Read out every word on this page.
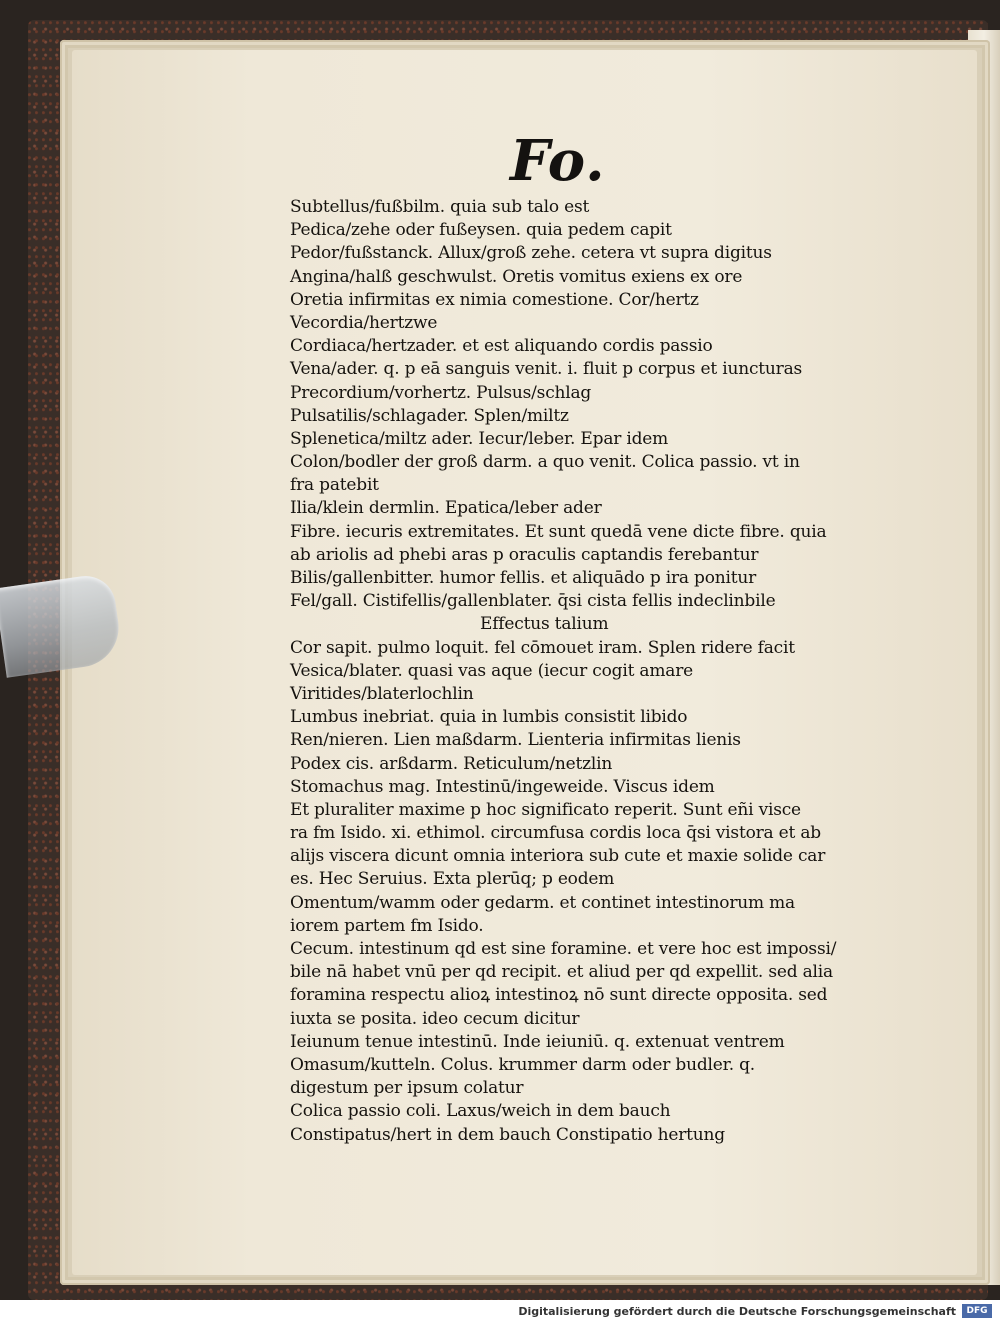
Fo.
Subtellus/fußbilm. quia sub talo est
Pedica/zehe oder fußeysen. quia pedem capit
Pedor/fußstanck. Allux/groß zehe. cetera vt supra digitus
Angina/halß geschwulst. Oretis vomitus exiens ex ore
Oretia infirmitas ex nimia comestione. Cor/hertz
Vecordia/hertzwe
Cordiaca/hertzader. et est aliquando cordis passio
Vena/ader. q. p eā sanguis venit. i. fluit p corpus et iuncturas
Precordium/vorhertz. Pulsus/schlag
Pulsatilis/schlagader. Splen/miltz
Splenetica/miltz ader. Iecur/leber. Epar idem
Colon/bodler der groß darm. a quo venit. Colica passio. vt in
fra patebit
Ilia/klein dermlin. Epatica/leber ader
Fibre. iecuris extremitates. Et sunt quedā vene dicte fibre. quia
ab ariolis ad phebi aras p oraculis captandis ferebantur
Bilis/gallenbitter. humor fellis. et aliquādo p ira ponitur
Fel/gall. Cistifellis/gallenblater. q̄si cista fellis indeclinbile
Effectus talium
Cor sapit. pulmo loquit. fel cōmouet iram. Splen ridere facit
Vesica/blater. quasi vas aque (iecur cogit amare
Viritides/blaterlochlin
Lumbus inebriat. quia in lumbis consistit libido
Ren/nieren. Lien maßdarm. Lienteria infirmitas lienis
Podex cis. arßdarm. Reticulum/netzlin
Stomachus mag. Intestinū/ingeweide. Viscus idem
Et pluraliter maxime p hoc significato reperit. Sunt eñi visce
ra fm Isido. xi. ethimol. circumfusa cordis loca q̄si vistora et ab
alijs viscera dicunt omnia interiora sub cute et maxie solide car
es. Hec Seruius. Exta plerūq; p eodem
Omentum/wamm oder gedarm. et continet intestinorum ma
iorem partem fm Isido.
Cecum. intestinum qd est sine foramine. et vere hoc est impossi/
bile nā habet vnū per qd recipit. et aliud per qd expellit. sed alia
foramina respectu alioꝝ intestinoꝝ nō sunt directe opposita. sed
iuxta se posita. ideo cecum dicitur
Ieiunum tenue intestinū. Inde ieiuniū. q. extenuat ventrem
Omasum/kutteln. Colus. krummer darm oder budler. q.
digestum per ipsum colatur
Colica passio coli. Laxus/weich in dem bauch
Constipatus/hert in dem bauch Constipatio hertung
Digitalisierung gefördert durch die Deutsche Forschungsgemeinschaft	DFG
